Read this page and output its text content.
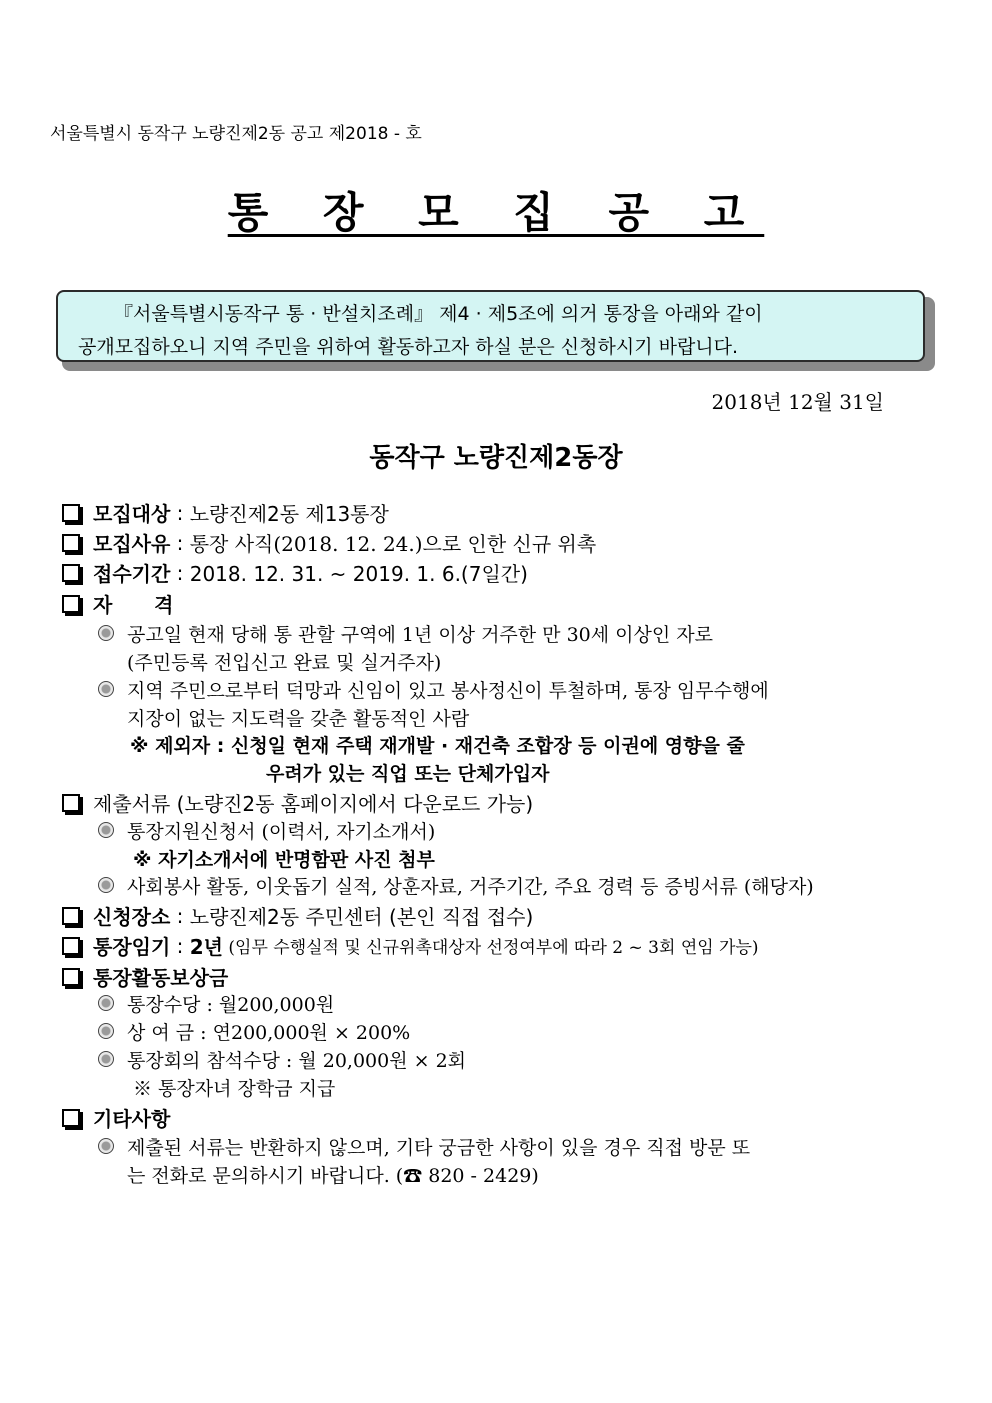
서울특별시 동작구 노량진제2동 공고 제2018 - 호
통 장 모 집 공 고
『서울특별시동작구 통 · 반설치조례』 제4 · 제5조에 의거 통장을 아래와 같이
공개모집하오니 지역 주민을 위하여 활동하고자 하실 분은 신청하시기 바랍니다.
2018년 12월 31일
동작구 노량진제2동장
모집대상 : 노량진제2동 제13통장
모집사유 : 통장 사직(2018. 12. 24.)으로 인한 신규 위촉
접수기간 : 2018. 12. 31. ~ 2019. 1. 6.(7일간)
자      격
공고일 현재 당해 통 관할 구역에 1년 이상 거주한 만 30세 이상인 자로
(주민등록 전입신고 완료 및 실거주자)
지역 주민으로부터 덕망과 신임이 있고 봉사정신이 투철하며, 통장 임무수행에
지장이 없는 지도력을 갖춘 활동적인 사람
※ 제외자 : 신청일 현재 주택 재개발 · 재건축 조합장 등 이권에 영향을 줄
우려가 있는 직업 또는 단체가입자
제출서류 (노량진2동 홈페이지에서 다운로드 가능)
통장지원신청서 (이력서, 자기소개서)
※ 자기소개서에 반명함판 사진 첨부
사회봉사 활동, 이웃돕기 실적, 상훈자료, 거주기간, 주요 경력 등 증빙서류 (해당자)
신청장소 : 노량진제2동 주민센터 (본인 직접 접수)
통장임기 : 2년 (임무 수행실적 및 신규위촉대상자 선정여부에 따라 2 ~ 3회 연임 가능)
통장활동보상금
통장수당 : 월200,000원
상 여 금 : 연200,000원 × 200%
통장회의 참석수당 : 월 20,000원 × 2회
※ 통장자녀 장학금 지급
기타사항
제출된 서류는 반환하지 않으며, 기타 궁금한 사항이 있을 경우 직접 방문 또
는 전화로 문의하시기 바랍니다. (☎ 820 - 2429)
